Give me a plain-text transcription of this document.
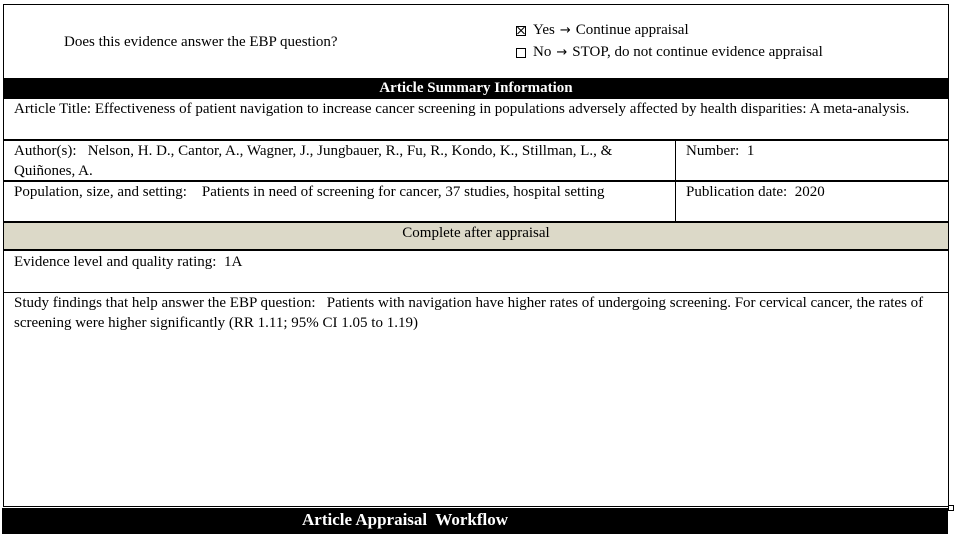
Does this evidence answer the EBP question?
Yes → Continue appraisal
No → STOP, do not continue evidence appraisal
Article Summary Information
Article Title: Effectiveness of patient navigation to increase cancer screening in populations adversely affected by health disparities: A meta-analysis.
Author(s): Nelson, H. D., Cantor, A., Wagner, J., Jungbauer, R., Fu, R., Kondo, K., Stillman, L., & Quiñones, A.
Number: 1
Population, size, and setting: Patients in need of screening for cancer, 37 studies, hospital setting	Publication date: 2020
Complete after appraisal
Evidence level and quality rating: 1A
Study findings that help answer the EBP question: Patients with navigation have higher rates of undergoing screening. For cervical cancer, the rates of screening were higher significantly (RR 1.11; 95% CI 1.05 to 1.19)
Article Appraisal  Workflow
